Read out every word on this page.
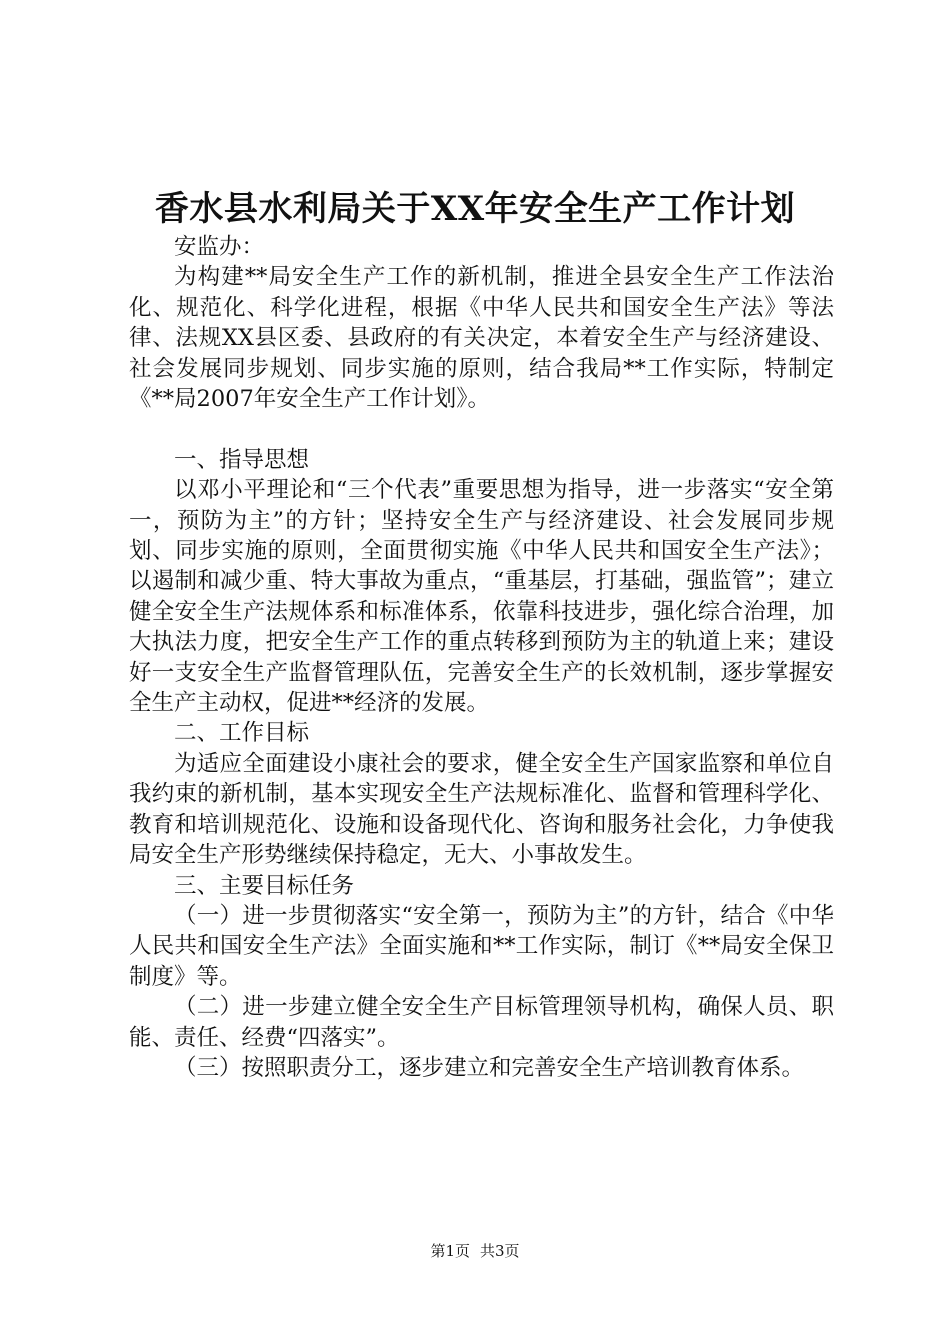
香水县水利局关于XX年安全生产工作计划

安监办：

为构建**局安全生产工作的新机制，推进全县安全生产工作法治化、规范化、科学化进程，根据《中华人民共和国安全生产法》等法律、法规XX县区委、县政府的有关决定，本着安全生产与经济建设、社会发展同步规划、同步实施的原则，结合我局**工作实际，特制定《**局2007年安全生产工作计划》。

一、指导思想

以邓小平理论和“三个代表”重要思想为指导，进一步落实“安全第一，预防为主”的方针；坚持安全生产与经济建设、社会发展同步规划、同步实施的原则，全面贯彻实施《中华人民共和国安全生产法》；以遏制和减少重、特大事故为重点，“重基层，打基础，强监管”；建立健全安全生产法规体系和标准体系，依靠科技进步，强化综合治理，加大执法力度，把安全生产工作的重点转移到预防为主的轨道上来；建设好一支安全生产监督管理队伍，完善安全生产的长效机制，逐步掌握安全生产主动权，促进**经济的发展。

二、工作目标

为适应全面建设小康社会的要求，健全安全生产国家监察和单位自我约束的新机制，基本实现安全生产法规标准化、监督和管理科学化、教育和培训规范化、设施和设备现代化、咨询和服务社会化，力争使我局安全生产形势继续保持稳定，无大、小事故发生。

三、主要目标任务

（一）进一步贯彻落实“安全第一，预防为主”的方针，结合《中华人民共和国安全生产法》全面实施和**工作实际，制订《**局安全保卫制度》等。

（二）进一步建立健全安全生产目标管理领导机构，确保人员、职能、责任、经费“四落实”。

（三）按照职责分工，逐步建立和完善安全生产培训教育体系。

第1页 共3页
